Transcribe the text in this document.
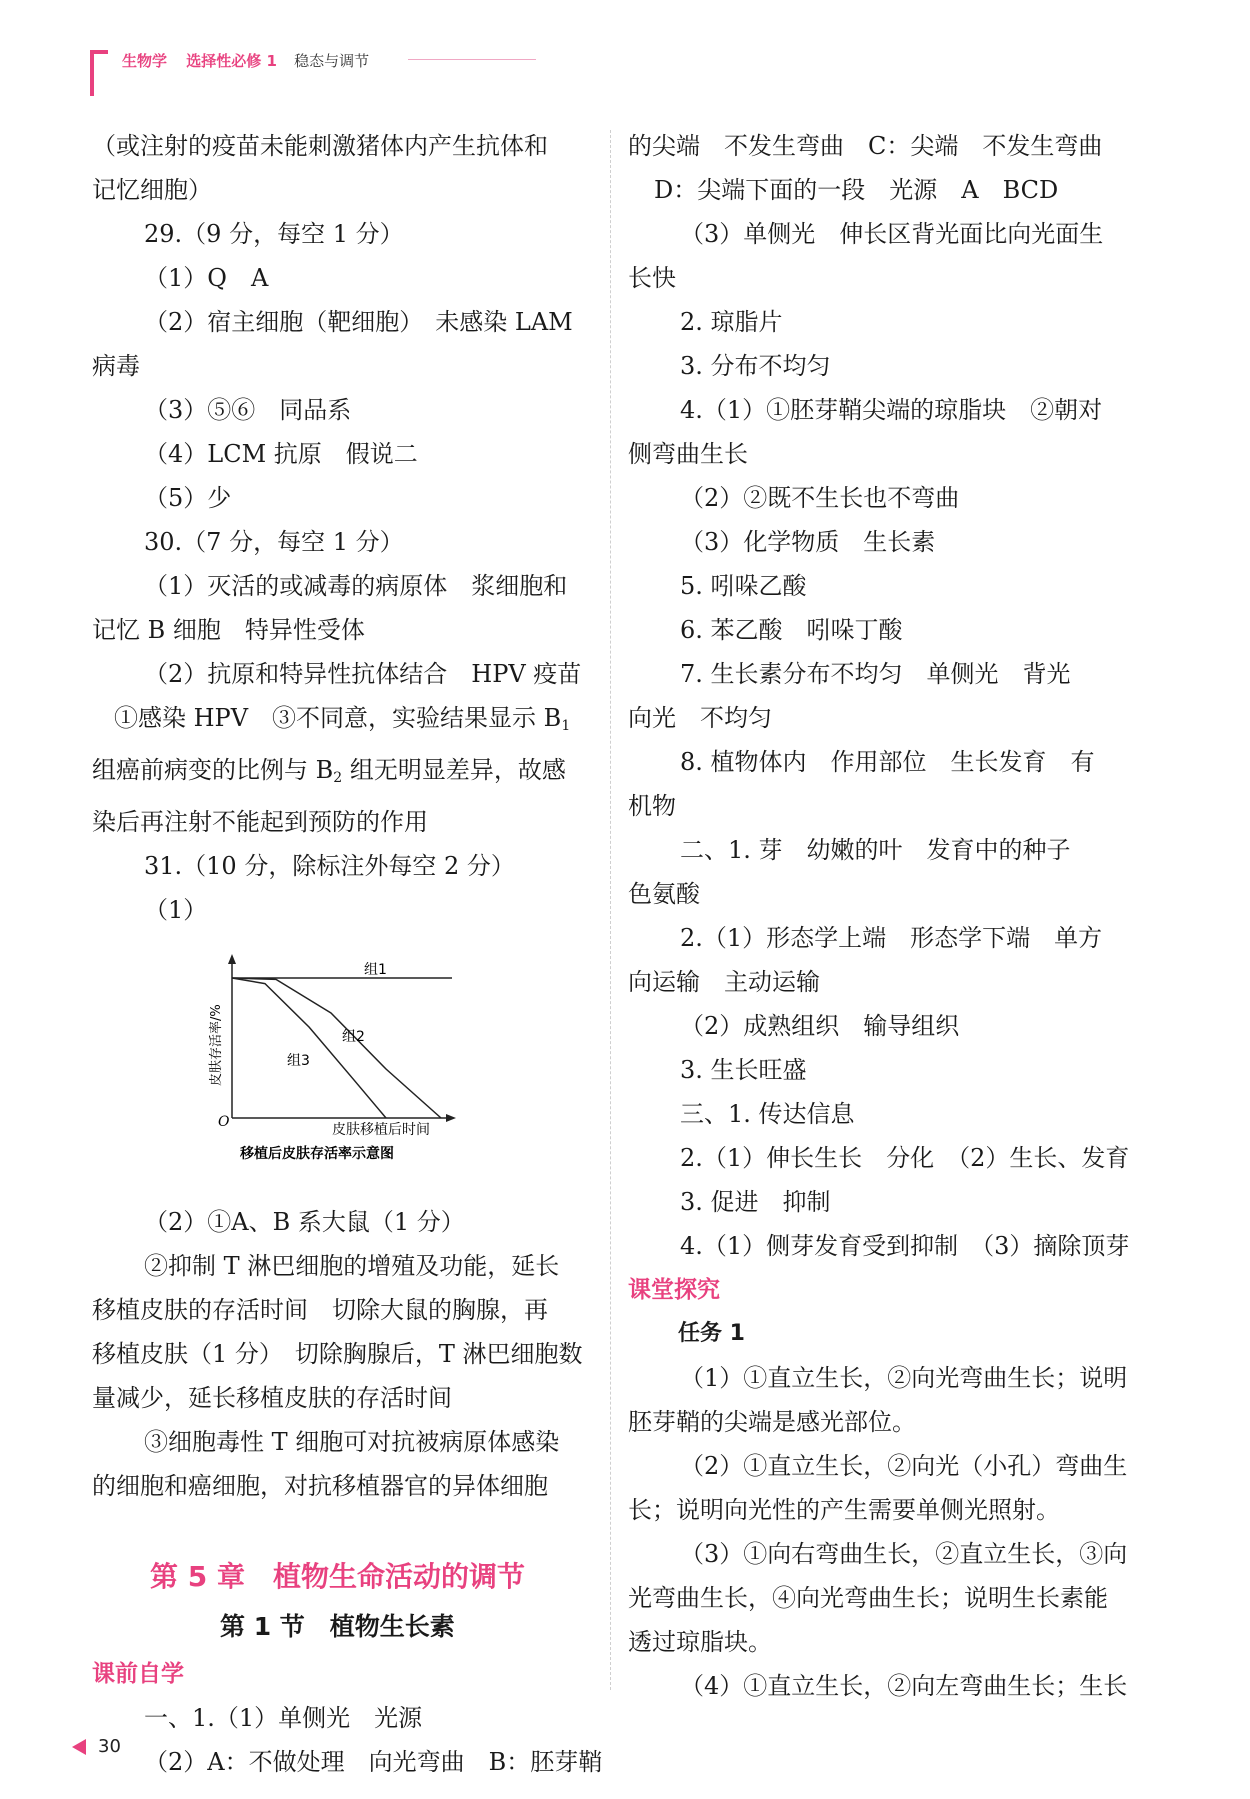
生物学 选择性必修 1 稳态与调节
（或注射的疫苗未能刺激猪体内产生抗体和
记忆细胞）
29.（9 分，每空 1 分）
（1）Q　A
（2）宿主细胞（靶细胞）　未感染 LAM
病毒
（3）⑤⑥　同品系
（4）LCM 抗原　假说二
（5）少
30.（7 分，每空 1 分）
（1）灭活的或减毒的病原体　浆细胞和
记忆 B 细胞　特异性受体
（2）抗原和特异性抗体结合　HPV 疫苗
①感染 HPV　③不同意，实验结果显示 $B_1$
组癌前病变的比例与 $B_2$ 组无明显差异，故感
染后再注射不能起到预防的作用
31.（10 分，除标注外每空 2 分）
（1）
O	皮肤移植后时间
皮肤存活率/%
组1
组2
组3
移植后皮肤存活率示意图
（2）①A、B 系大鼠（1 分）
②抑制 T 淋巴细胞的增殖及功能，延长
移植皮肤的存活时间　切除大鼠的胸腺，再
移植皮肤（1 分）　切除胸腺后，T 淋巴细胞数
量减少，延长移植皮肤的存活时间
③细胞毒性 T 细胞可对抗被病原体感染
的细胞和癌细胞，对抗移植器官的异体细胞
第 5 章　植物生命活动的调节
第 1 节　植物生长素
课前自学
一、1.（1）单侧光　光源
（2）A：不做处理　向光弯曲　B：胚芽鞘
的尖端　不发生弯曲　C：尖端　不发生弯曲
D：尖端下面的一段　光源　A　BCD
（3）单侧光　伸长区背光面比向光面生
长快
2. 琼脂片
3. 分布不均匀
4.（1）①胚芽鞘尖端的琼脂块　②朝对
侧弯曲生长
（2）②既不生长也不弯曲
（3）化学物质　生长素
5. 吲哚乙酸
6. 苯乙酸　吲哚丁酸
7. 生长素分布不均匀　单侧光　背光
向光　不均匀
8. 植物体内　作用部位　生长发育　有
机物
二、1. 芽　幼嫩的叶　发育中的种子
色氨酸
2.（1）形态学上端　形态学下端　单方
向运输　主动运输
（2）成熟组织　输导组织
3. 生长旺盛
三、1. 传达信息
2.（1）伸长生长　分化　（2）生长、发育
3. 促进　抑制
4.（1）侧芽发育受到抑制　（3）摘除顶芽
课堂探究
任务 1
（1）①直立生长，②向光弯曲生长；说明
胚芽鞘的尖端是感光部位。
（2）①直立生长，②向光（小孔）弯曲生
长；说明向光性的产生需要单侧光照射。
（3）①向右弯曲生长，②直立生长，③向
光弯曲生长，④向光弯曲生长；说明生长素能
透过琼脂块。
（4）①直立生长，②向左弯曲生长；生长
30
